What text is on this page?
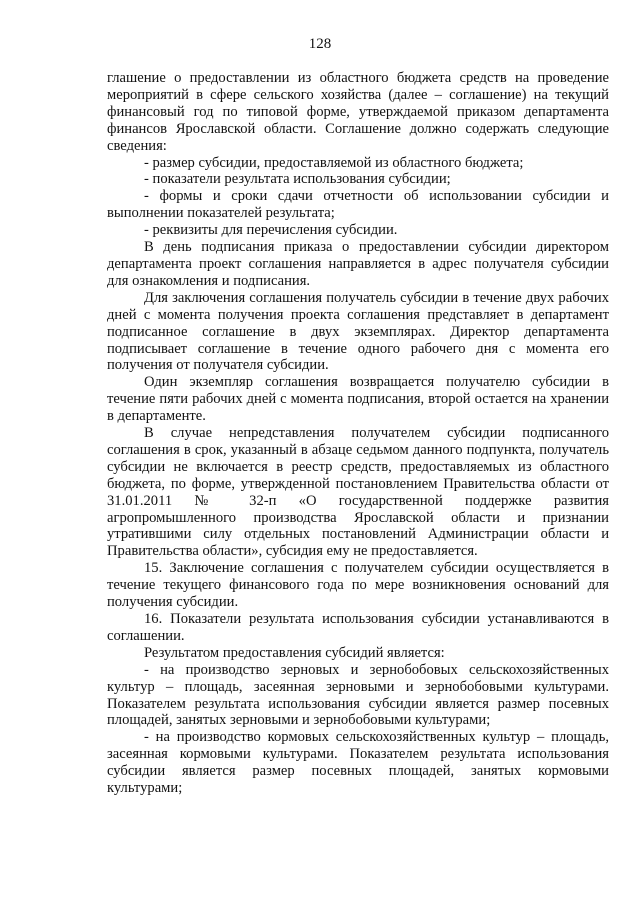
128

глашение о предоставлении из областного бюджета средств на проведение мероприятий в сфере сельского хозяйства (далее – соглашение) на текущий финансовый год по типовой форме, утверждаемой приказом департамента финансов Ярославской области. Соглашение должно содержать следующие сведения:

- размер субсидии, предоставляемой из областного бюджета;

- показатели результата использования субсидии;

- формы и сроки сдачи отчетности об использовании субсидии и выполнении показателей результата;

- реквизиты для перечисления субсидии.

В день подписания приказа о предоставлении субсидии директором департамента проект соглашения направляется в адрес получателя субсидии для ознакомления и подписания.

Для заключения соглашения получатель субсидии в течение двух рабочих дней с момента получения проекта соглашения представляет в департамент подписанное соглашение в двух экземплярах. Директор департамента подписывает соглашение в течение одного рабочего дня с момента его получения от получателя субсидии.

Один экземпляр соглашения возвращается получателю субсидии в течение пяти рабочих дней с момента подписания, второй остается на хранении в департаменте.

В случае непредставления получателем субсидии подписанного соглашения в срок, указанный в абзаце седьмом данного подпункта, получатель субсидии не включается в реестр средств, предоставляемых из областного бюджета, по форме, утвержденной постановлением Правительства области от 31.01.2011 № 32-п «О государственной поддержке развития агропромышленного производства Ярославской области и признании утратившими силу отдельных постановлений Администрации области и Правительства области», субсидия ему не предоставляется.

15. Заключение соглашения с получателем субсидии осуществляется в течение текущего финансового года по мере возникновения оснований для получения субсидии.

16. Показатели результата использования субсидии устанавливаются в соглашении.

Результатом предоставления субсидий является:

- на производство зерновых и зернобобовых сельскохозяйственных культур – площадь, засеянная зерновыми и зернобобовыми культурами. Показателем результата использования субсидии является размер посевных площадей, занятых зерновыми и зернобобовыми культурами;

- на производство кормовых сельскохозяйственных культур – площадь, засеянная кормовыми культурами. Показателем результата использования субсидии является размер посевных площадей, занятых кормовыми культурами;
